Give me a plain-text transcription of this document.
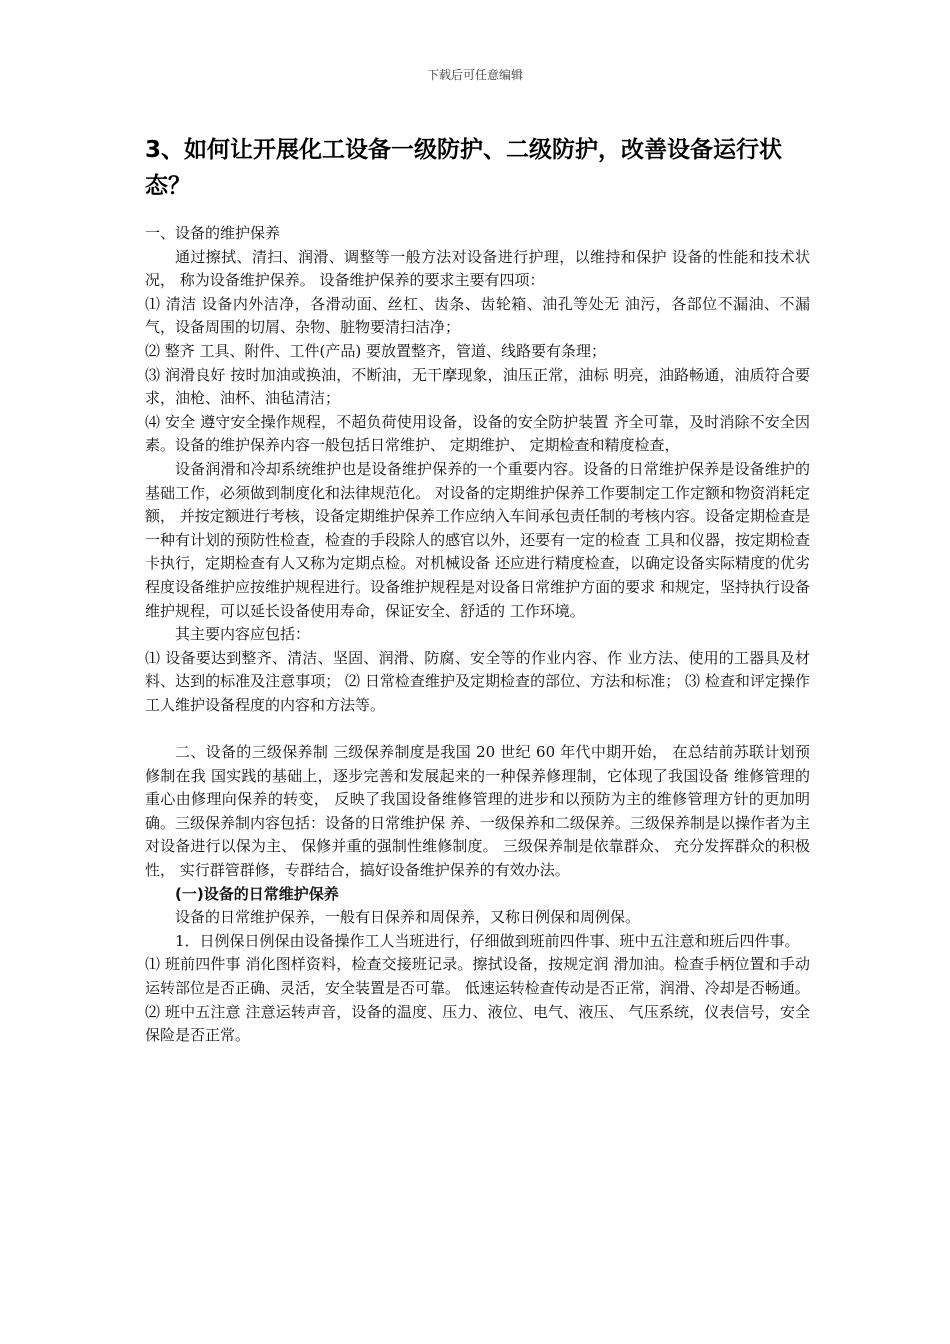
下载后可任意编辑
3、如何让开展化工设备一级防护、二级防护，改善设备运行状态？

一、设备的维护保养

通过擦拭、清扫、润滑、调整等一般方法对设备进行护理，以维持和保护 设备的性能和技术状况， 称为设备维护保养。 设备维护保养的要求主要有四项：

⑴ 清洁 设备内外洁净，各滑动面、丝杠、齿条、齿轮箱、油孔等处无 油污，各部位不漏油、不漏气，设备周围的切屑、杂物、脏物要清扫洁净；

⑵ 整齐 工具、附件、工件(产品) 要放置整齐，管道、线路要有条理；

⑶ 润滑良好 按时加油或换油，不断油，无干摩现象，油压正常，油标 明亮，油路畅通，油质符合要求，油枪、油杯、油毡清洁；

⑷ 安全 遵守安全操作规程，不超负荷使用设备，设备的安全防护装置 齐全可靠，及时消除不安全因素。设备的维护保养内容一般包括日常维护、 定期维护、 定期检查和精度检查，

设备润滑和冷却系统维护也是设备维护保养的一个重要内容。设备的日常维护保养是设备维护的基础工作，必须做到制度化和法律规范化。 对设备的定期维护保养工作要制定工作定额和物资消耗定额， 并按定额进行考核，设备定期维护保养工作应纳入车间承包责任制的考核内容。设备定期检查是一种有计划的预防性检查，检查的手段除人的感官以外，还要有一定的检查 工具和仪器，按定期检查卡执行，定期检查有人又称为定期点检。对机械设备 还应进行精度检查，以确定设备实际精度的优劣程度设备维护应按维护规程进行。设备维护规程是对设备日常维护方面的要求 和规定，坚持执行设备维护规程，可以延长设备使用寿命，保证安全、舒适的 工作环境。

其主要内容应包括：

⑴ 设备要达到整齐、清洁、坚固、润滑、防腐、安全等的作业内容、作 业方法、使用的工器具及材料、达到的标准及注意事项； ⑵ 日常检查维护及定期检查的部位、方法和标准； ⑶ 检查和评定操作工人维护设备程度的内容和方法等。

二、设备的三级保养制 三级保养制度是我国 20 世纪 60 年代中期开始， 在总结前苏联计划预修制在我 国实践的基础上，逐步完善和发展起来的一种保养修理制，它体现了我国设备 维修管理的重心由修理向保养的转变， 反映了我国设备维修管理的进步和以预防为主的维修管理方针的更加明确。三级保养制内容包括：设备的日常维护保 养、一级保养和二级保养。三级保养制是以操作者为主对设备进行以保为主、 保修并重的强制性维修制度。 三级保养制是依靠群众、 充分发挥群众的积极性， 实行群管群修，专群结合，搞好设备维护保养的有效办法。

(一)设备的日常维护保养

设备的日常维护保养，一般有日保养和周保养，又称日例保和周例保。

1．日例保日例保由设备操作工人当班进行，仔细做到班前四件事、班中五注意和班后四件事。

⑴ 班前四件事 消化图样资料，检查交接班记录。擦拭设备，按规定润 滑加油。检查手柄位置和手动运转部位是否正确、灵活，安全装置是否可靠。 低速运转检查传动是否正常，润滑、冷却是否畅通。

⑵ 班中五注意 注意运转声音，设备的温度、压力、液位、电气、液压、 气压系统，仪表信号，安全保险是否正常。
